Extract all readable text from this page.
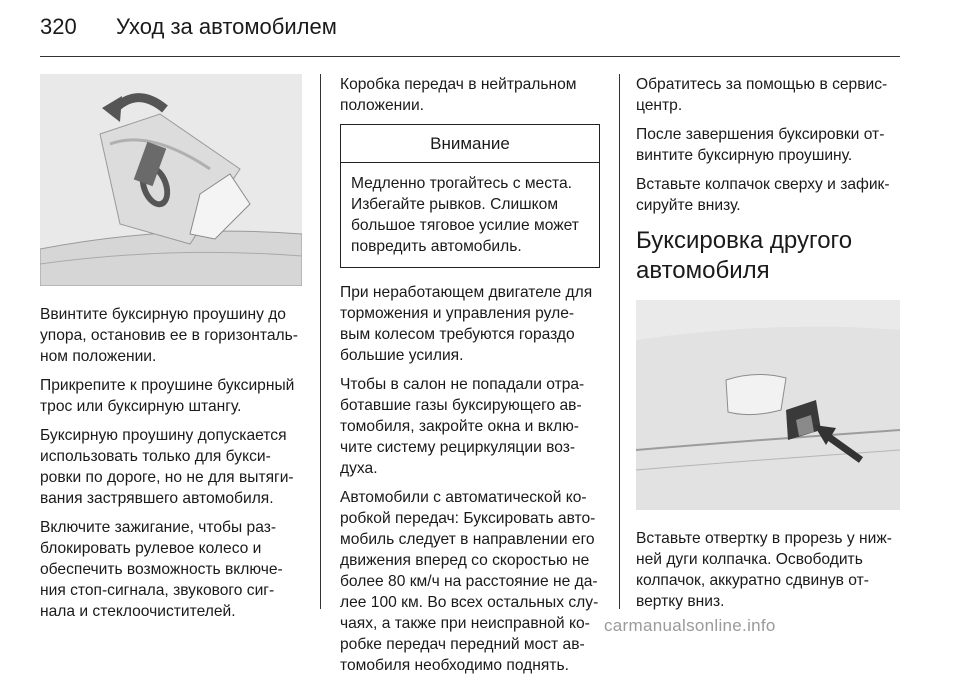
320 Уход за автомобилем

Ввинтите буксирную проушину до упора, остановив ее в горизонталь-ном положении.

Прикрепите к проушине буксирный трос или буксирную штангу.

Буксирную проушину допускается использовать только для букси-ровки по дороге, но не для вытяги-вания застрявшего автомобиля.

Включите зажигание, чтобы раз-блокировать рулевое колесо и обеспечить возможность включе-ния стоп-сигнала, звукового сиг-нала и стеклоочистителей.

Коробка передач в нейтральном положении.

Внимание
Медленно трогайтесь с места. Избегайте рывков. Слишком большое тяговое усилие может повредить автомобиль.

При неработающем двигателе для торможения и управления руле-вым колесом требуются гораздо большие усилия.

Чтобы в салон не попадали отра-ботавшие газы буксирующего ав-томобиля, закройте окна и вклю-чите систему рециркуляции воз-духа.

Автомобили с автоматической ко-робкой передач: Буксировать авто-мобиль следует в направлении его движения вперед со скоростью не более 80 км/ч на расстояние не да-лее 100 км. Во всех остальных слу-чаях, а также при неисправной ко-робке передач передний мост ав-томобиля необходимо поднять.

Обратитесь за помощью в сервис-центр.

После завершения буксировки от-винтите буксирную проушину.

Вставьте колпачок сверху и зафик-сируйте внизу.

Буксировка другого автомобиля

Вставьте отвертку в прорезь у ниж-ней дуги колпачка. Освободить колпачок, аккуратно сдвинув от-вертку вниз.

carmanualsonline.info
